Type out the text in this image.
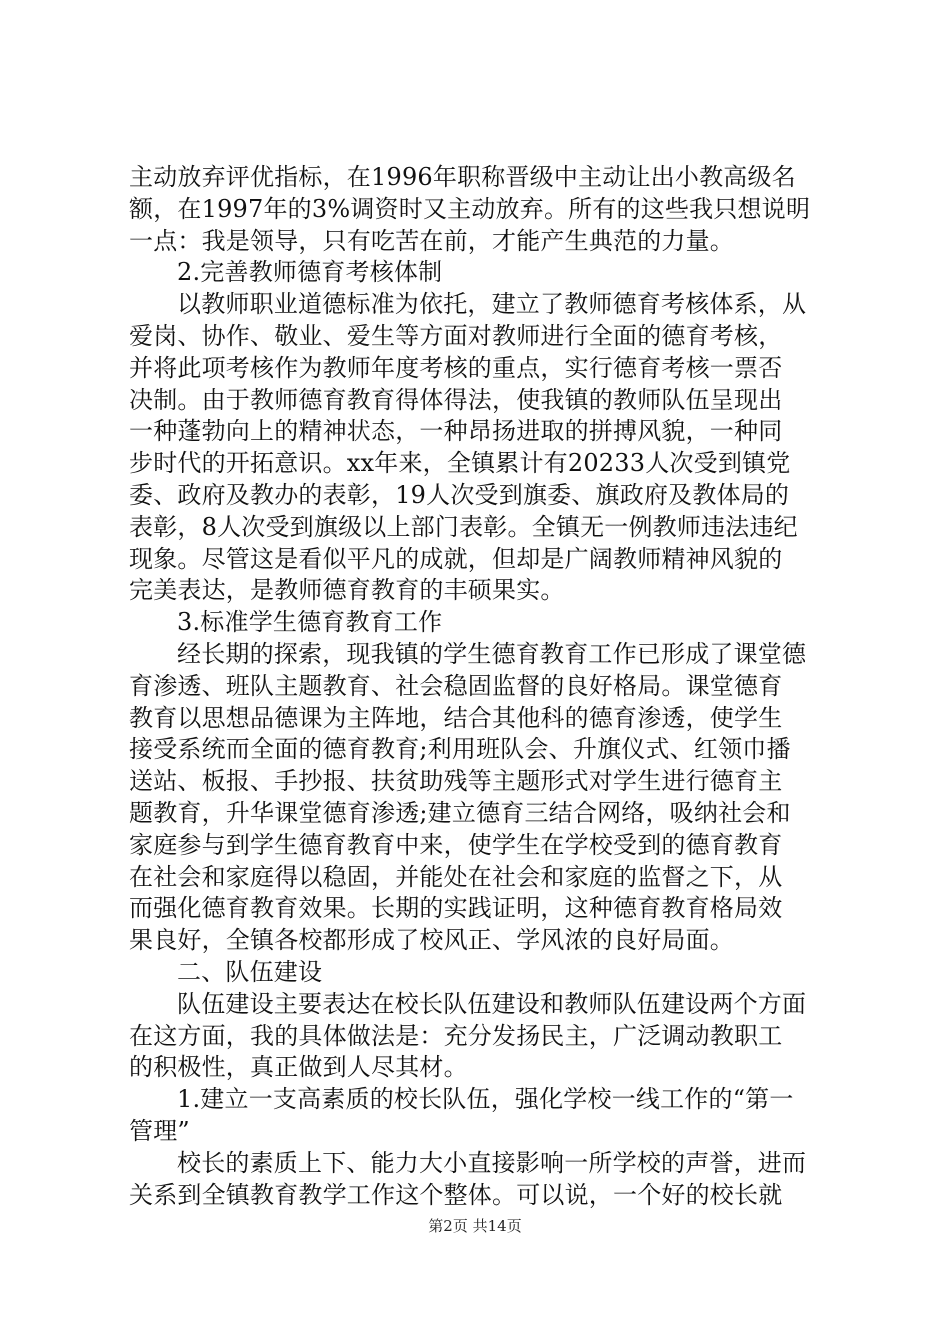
主动放弃评优指标，在1996年职称晋级中主动让出小教高级名
额，在1997年的3%调资时又主动放弃。所有的这些我只想说明
一点：我是领导，只有吃苦在前，才能产生典范的力量。
2.完善教师德育考核体制
以教师职业道德标准为依托，建立了教师德育考核体系，从
爱岗、协作、敬业、爱生等方面对教师进行全面的德育考核，
并将此项考核作为教师年度考核的重点，实行德育考核一票否
决制。由于教师德育教育得体得法，使我镇的教师队伍呈现出
一种蓬勃向上的精神状态，一种昂扬进取的拼搏风貌，一种同
步时代的开拓意识。xx年来，全镇累计有20233人次受到镇党
委、政府及教办的表彰，19人次受到旗委、旗政府及教体局的
表彰，8人次受到旗级以上部门表彰。全镇无一例教师违法违纪
现象。尽管这是看似平凡的成就，但却是广阔教师精神风貌的
完美表达，是教师德育教育的丰硕果实。
3.标准学生德育教育工作
经长期的探索，现我镇的学生德育教育工作已形成了课堂德
育渗透、班队主题教育、社会稳固监督的良好格局。课堂德育
教育以思想品德课为主阵地，结合其他科的德育渗透，使学生
接受系统而全面的德育教育;利用班队会、升旗仪式、红领巾播
送站、板报、手抄报、扶贫助残等主题形式对学生进行德育主
题教育，升华课堂德育渗透;建立德育三结合网络，吸纳社会和
家庭参与到学生德育教育中来，使学生在学校受到的德育教育
在社会和家庭得以稳固，并能处在社会和家庭的监督之下，从
而强化德育教育效果。长期的实践证明，这种德育教育格局效
果良好，全镇各校都形成了校风正、学风浓的良好局面。
二、队伍建设
队伍建设主要表达在校长队伍建设和教师队伍建设两个方面
在这方面，我的具体做法是：充分发扬民主，广泛调动教职工
的积极性，真正做到人尽其材。
1.建立一支高素质的校长队伍，强化学校一线工作的“第一
管理”
校长的素质上下、能力大小直接影响一所学校的声誉，进而
关系到全镇教育教学工作这个整体。可以说，一个好的校长就
第2页 共14页
